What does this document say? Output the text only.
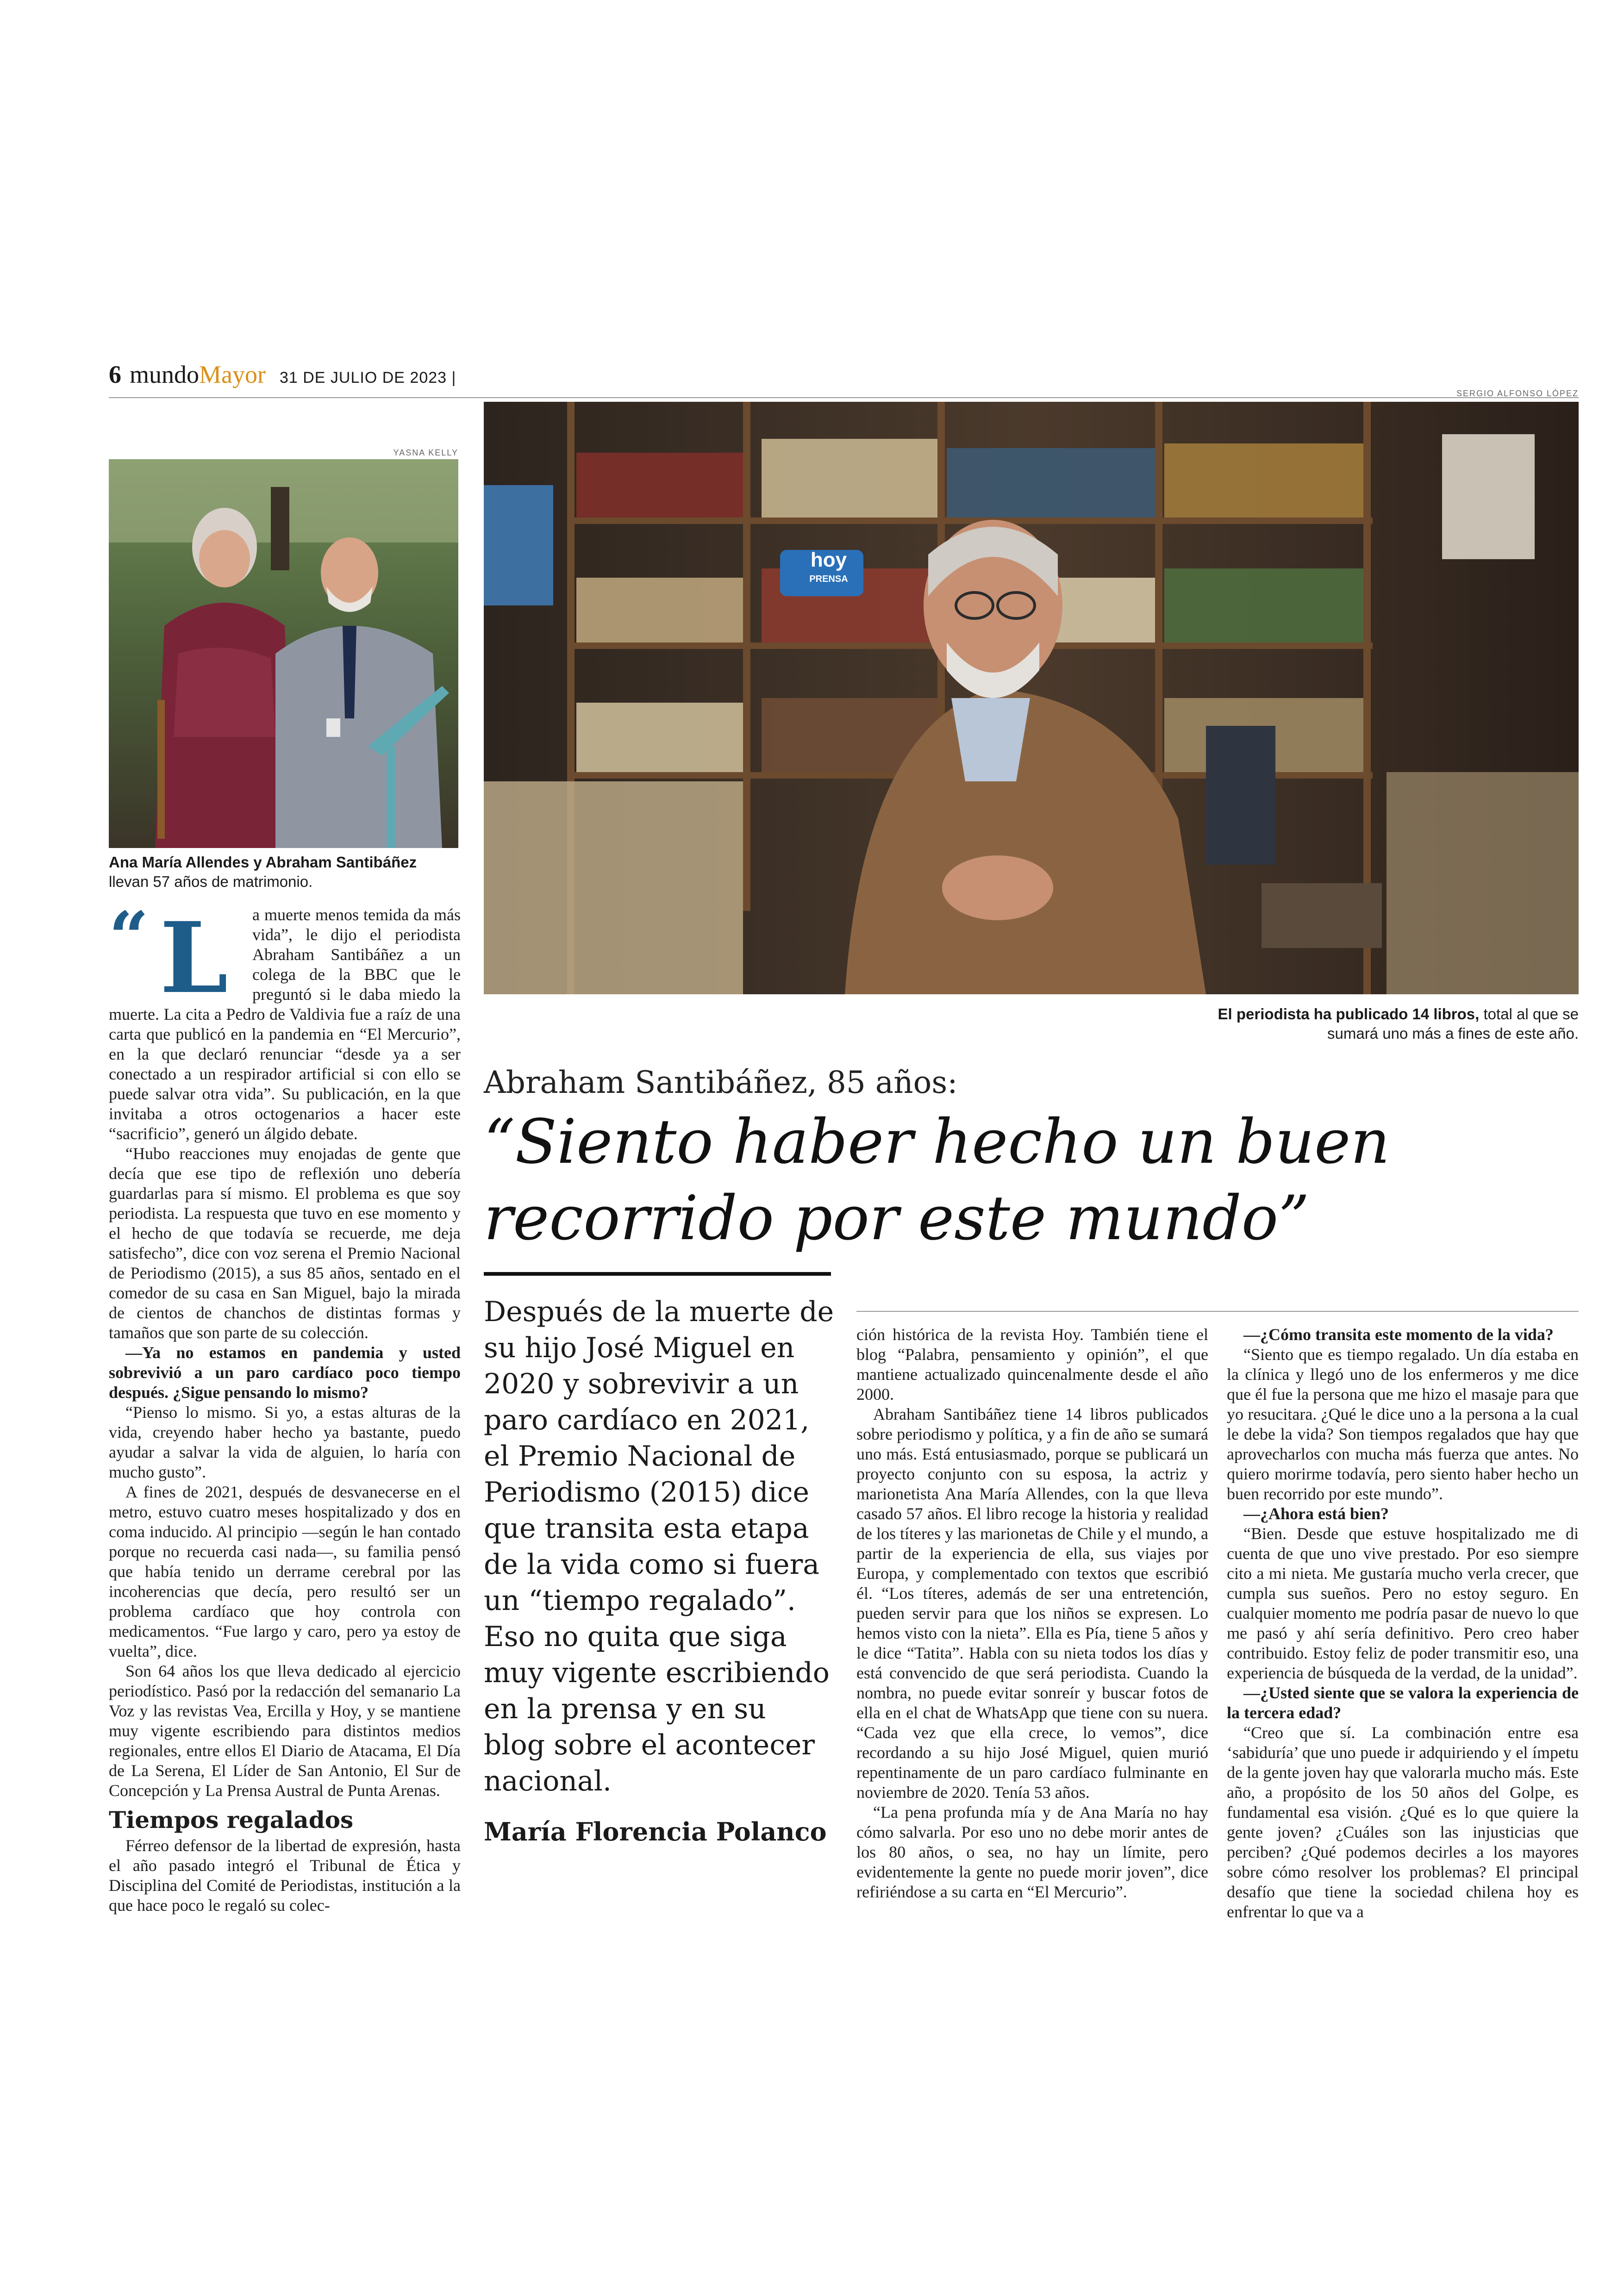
6 mundo Mayor 31 DE JULIO DE 2023 |
SERGIO ALFONSO LÓPEZ
YASNA KELLY
Ana María Allendes y Abraham Santibáñez
llevan 57 años de matrimonio.
hoy
PRENSA
El periodista ha publicado 14 libros, total al que se sumará uno más a fines de este año.
Abraham Santibáñez, 85 años:
“Siento haber hecho un buen recorrido por este mundo”
Después de la muerte de su hijo José Miguel en 2020 y sobrevivir a un paro cardíaco en 2021, el Premio Nacional de Periodismo (2015) dice que transita esta etapa de la vida como si fuera un “tiempo regalado”. Eso no quita que siga muy vigente escribiendo en la prensa y en su blog sobre el acontecer nacional.
María Florencia Polanco
“ L	a muerte menos temida da más vida”, le dijo el periodista Abraham Santibáñez a un colega de la BBC que le preguntó si le daba miedo la muerte. La cita a Pedro de Valdivia fue a raíz de una carta que publicó en la pandemia en “El Mercurio”, en la que declaró renunciar “desde ya a ser conectado a un respirador artificial si con ello se puede salvar otra vida”. Su publicación, en la que invitaba a otros octogenarios a hacer este “sacrificio”, generó un álgido debate.

“Hubo reacciones muy enojadas de gente que decía que ese tipo de reflexión uno debería guardarlas para sí mismo. El problema es que soy periodista. La respuesta que tuvo en ese momento y el hecho de que todavía se recuerde, me deja satisfecho”, dice con voz serena el Premio Nacional de Periodismo (2015), a sus 85 años, sentado en el comedor de su casa en San Miguel, bajo la mirada de cientos de chanchos de distintas formas y tamaños que son parte de su colección.

—Ya no estamos en pandemia y usted sobrevivió a un paro cardíaco poco tiempo después. ¿Sigue pensando lo mismo?

“Pienso lo mismo. Si yo, a estas alturas de la vida, creyendo haber hecho ya bastante, puedo ayudar a salvar la vida de alguien, lo haría con mucho gusto”.

A fines de 2021, después de desvanecerse en el metro, estuvo cuatro meses hospitalizado y dos en coma inducido. Al principio —según le han contado porque no recuerda casi nada—, su familia pensó que había tenido un derrame cerebral por las incoherencias que decía, pero resultó ser un problema cardíaco que hoy controla con medicamentos. “Fue largo y caro, pero ya estoy de vuelta”, dice.

Son 64 años los que lleva dedicado al ejercicio periodístico. Pasó por la redacción del semanario La Voz y las revistas Vea, Ercilla y Hoy, y se mantiene muy vigente escribiendo para distintos medios regionales, entre ellos El Diario de Atacama, El Día de La Serena, El Líder de San Antonio, El Sur de Concepción y La Prensa Austral de Punta Arenas.

Tiempos regalados

Férreo defensor de la libertad de expresión, hasta el año pasado integró el Tribunal de Ética y Disciplina del Comité de Periodistas, institución a la que hace poco le regaló su colec-

ción histórica de la revista Hoy. También tiene el blog “Palabra, pensamiento y opinión”, el que mantiene actualizado quincenalmente desde el año 2000.

Abraham Santibáñez tiene 14 libros publicados sobre periodismo y política, y a fin de año se sumará uno más. Está entusiasmado, porque se publicará un proyecto conjunto con su esposa, la actriz y marionetista Ana María Allendes, con la que lleva casado 57 años. El libro recoge la historia y realidad de los títeres y las marionetas de Chile y el mundo, a partir de la experiencia de ella, sus viajes por Europa, y complementado con textos que escribió él. “Los títeres, además de ser una entretención, pueden servir para que los niños se expresen. Lo hemos visto con la nieta”. Ella es Pía, tiene 5 años y le dice “Tatita”. Habla con su nieta todos los días y está convencido de que será periodista. Cuando la nombra, no puede evitar sonreír y buscar fotos de ella en el chat de WhatsApp que tiene con su nuera. “Cada vez que ella crece, lo vemos”, dice recordando a su hijo José Miguel, quien murió repentinamente de un paro cardíaco fulminante en noviembre de 2020. Tenía 53 años.

“La pena profunda mía y de Ana María no hay cómo salvarla. Por eso uno no debe morir antes de los 80 años, o sea, no hay un límite, pero evidentemente la gente no puede morir joven”, dice refiriéndose a su carta en “El Mercurio”.

—¿Cómo transita este momento de la vida?

“Siento que es tiempo regalado. Un día estaba en la clínica y llegó uno de los enfermeros y me dice que él fue la persona que me hizo el masaje para que yo resucitara. ¿Qué le dice uno a la persona a la cual le debe la vida? Son tiempos regalados que hay que aprovecharlos con mucha más fuerza que antes. No quiero morirme todavía, pero siento haber hecho un buen recorrido por este mundo”.

—¿Ahora está bien?

“Bien. Desde que estuve hospitalizado me di cuenta de que uno vive prestado. Por eso siempre cito a mi nieta. Me gustaría mucho verla crecer, que cumpla sus sueños. Pero no estoy seguro. En cualquier momento me podría pasar de nuevo lo que me pasó y ahí sería definitivo. Pero creo haber contribuido. Estoy feliz de poder transmitir eso, una experiencia de búsqueda de la verdad, de la unidad”.

—¿Usted siente que se valora la experiencia de la tercera edad?

“Creo que sí. La combinación entre esa ‘sabiduría’ que uno puede ir adquiriendo y el ímpetu de la gente joven hay que valorarla mucho más. Este año, a propósito de los 50 años del Golpe, es fundamental esa visión. ¿Qué es lo que quiere la gente joven? ¿Cuáles son las injusticias que perciben? ¿Qué podemos decirles a los mayores sobre cómo resolver los problemas? El principal desafío que tiene la sociedad chilena hoy es enfrentar lo que va a
